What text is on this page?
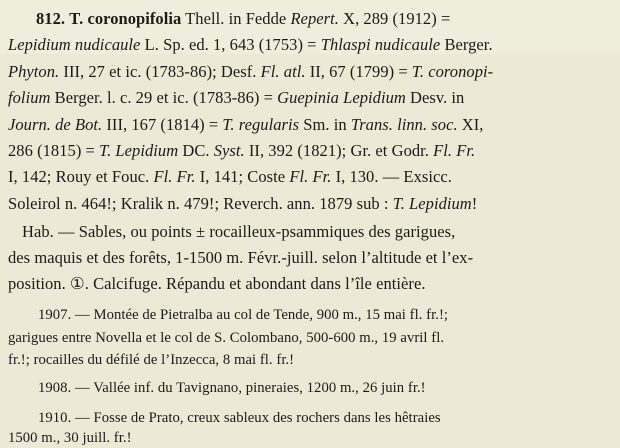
812. T. coronopifolia Thell. in Fedde Repert. X, 289 (1912) =
Lepidium nudicaule L. Sp. ed. 1, 643 (1753) = Thlaspi nudicaule Berger.
Phyton. III, 27 et ic. (1783-86); Desf. Fl. atl. II, 67 (1799) = T. coronopi-
folium Berger. l. c. 29 et ic. (1783-86) = Guepinia Lepidium Desv. in
Journ. de Bot. III, 167 (1814) = T. regularis Sm. in Trans. linn. soc. XI,
286 (1815) = T. Lepidium DC. Syst. II, 392 (1821); Gr. et Godr. Fl. Fr.
I, 142; Rouy et Fouc. Fl. Fr. I, 141; Coste Fl. Fr. I, 130. — Exsicc.
Soleirol n. 464!; Kralik n. 479!; Reverch. ann. 1879 sub : T. Lepidium!
Hab. — Sables, ou points ± rocailleux-psammiques des garigues,
des maquis et des forêts, 1-1500 m. Févr.-juill. selon l’altitude et l’ex-
position. ①. Calcifuge. Répandu et abondant dans l’île entière.
1907. — Montée de Pietralba au col de Tende, 900 m., 15 mai fl. fr.!;
garigues entre Novella et le col de S. Colombano, 500-600 m., 19 avril fl.
fr.!; rocailles du défilé de l’Inzecca, 8 mai fl. fr.!
1908. — Vallée inf. du Tavignano, pineraies, 1200 m., 26 juin fr.!
1910. — Fosse de Prato, creux sableux des rochers dans les hêtraies
1500 m., 30 juill. fr.!
